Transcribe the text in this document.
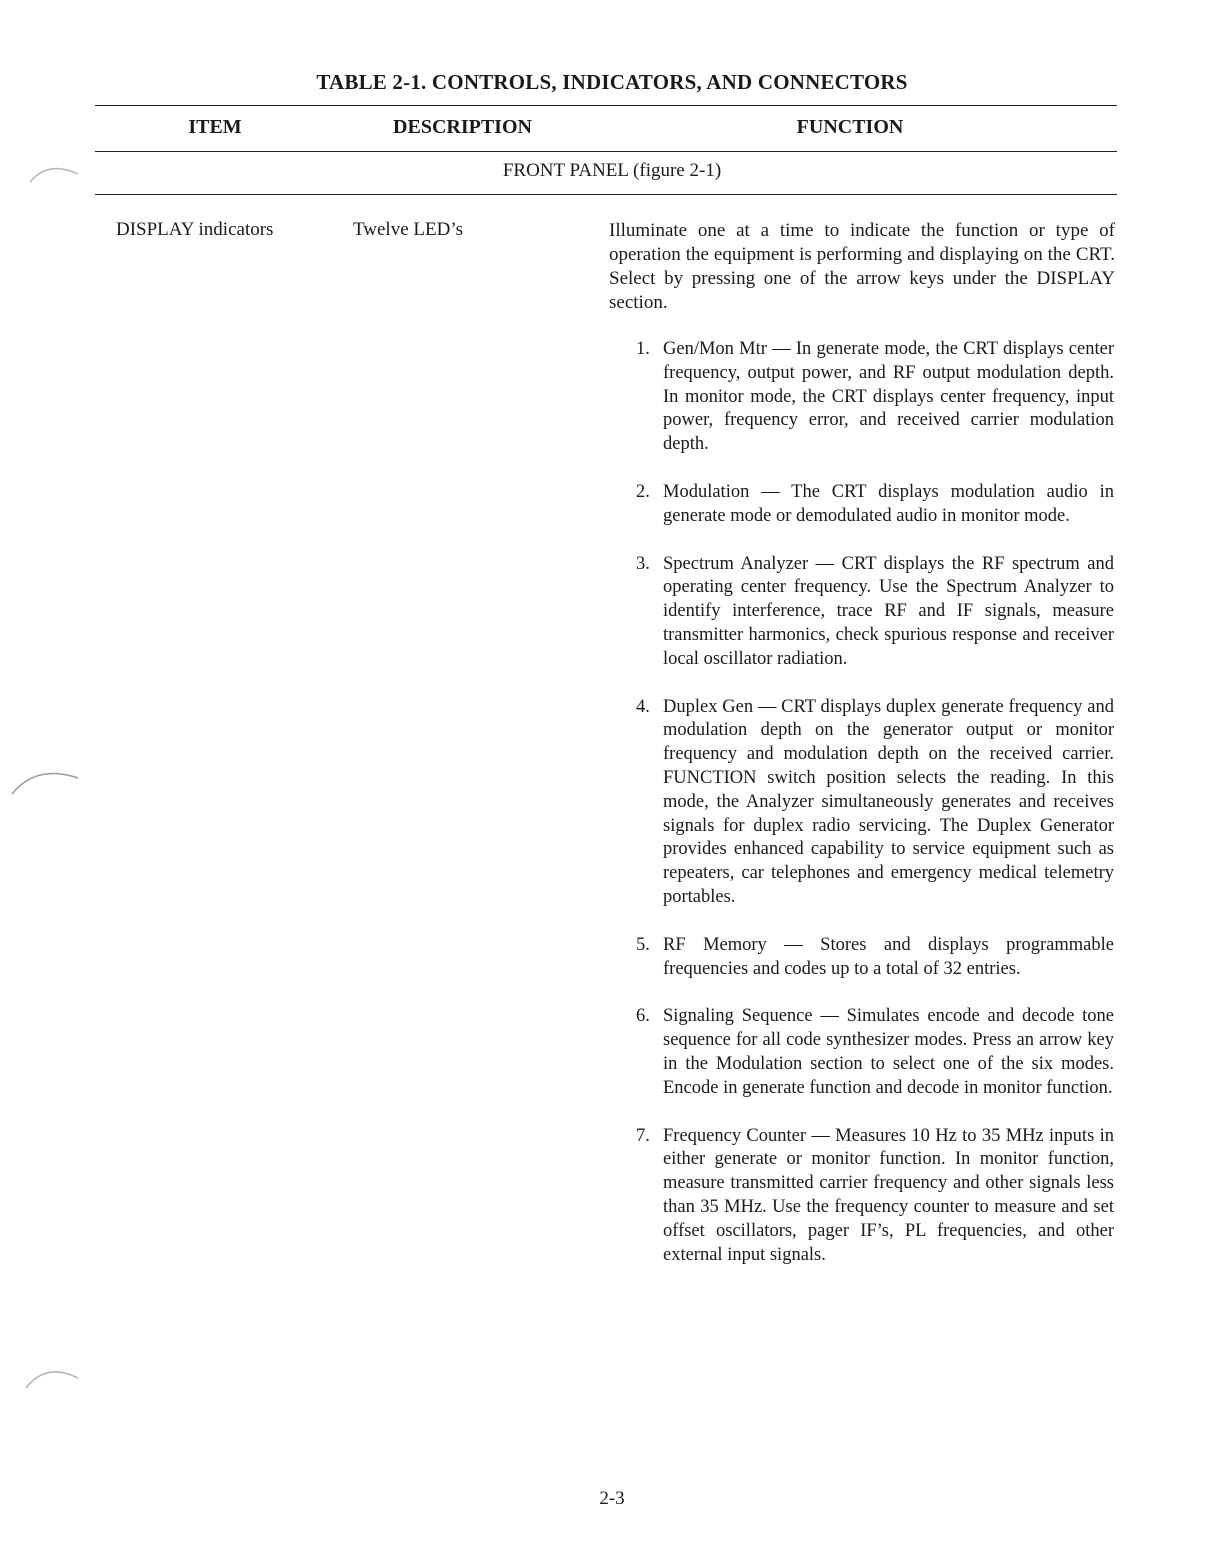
TABLE 2-1. CONTROLS, INDICATORS, AND CONNECTORS
ITEM	DESCRIPTION	FUNCTION
FRONT PANEL (figure 2-1)
DISPLAY indicators	Twelve LED’s	Illuminate one at a time to indicate the function or type of operation the equipment is performing and displaying on the CRT. Select by pressing one of the arrow keys under the DISPLAY section.
1. Gen/Mon Mtr — In generate mode, the CRT displays center frequency, output power, and RF output modulation depth. In monitor mode, the CRT displays center frequency, input power, frequency error, and received carrier modulation depth.
2. Modulation — The CRT displays modulation audio in generate mode or demodulated audio in monitor mode.
3. Spectrum Analyzer — CRT displays the RF spectrum and operating center frequency. Use the Spectrum Analyzer to identify interference, trace RF and IF signals, measure transmitter harmonics, check spurious response and receiver local oscillator radiation.
4. Duplex Gen — CRT displays duplex generate frequency and modulation depth on the generator output or monitor frequency and modulation depth on the received carrier. FUNCTION switch position selects the reading. In this mode, the Analyzer simultaneously generates and receives signals for duplex radio servicing. The Duplex Generator provides enhanced capability to service equipment such as repeaters, car telephones and emergency medical telemetry portables.
5. RF Memory — Stores and displays programmable frequencies and codes up to a total of 32 entries.
6. Signaling Sequence — Simulates encode and decode tone sequence for all code synthesizer modes. Press an arrow key in the Modulation section to select one of the six modes. Encode in generate function and decode in monitor function.
7. Frequency Counter — Measures 10 Hz to 35 MHz inputs in either generate or monitor function. In monitor function, measure transmitted carrier frequency and other signals less than 35 MHz. Use the frequency counter to measure and set offset oscillators, pager IF’s, PL frequencies, and other external input signals.
2-3
